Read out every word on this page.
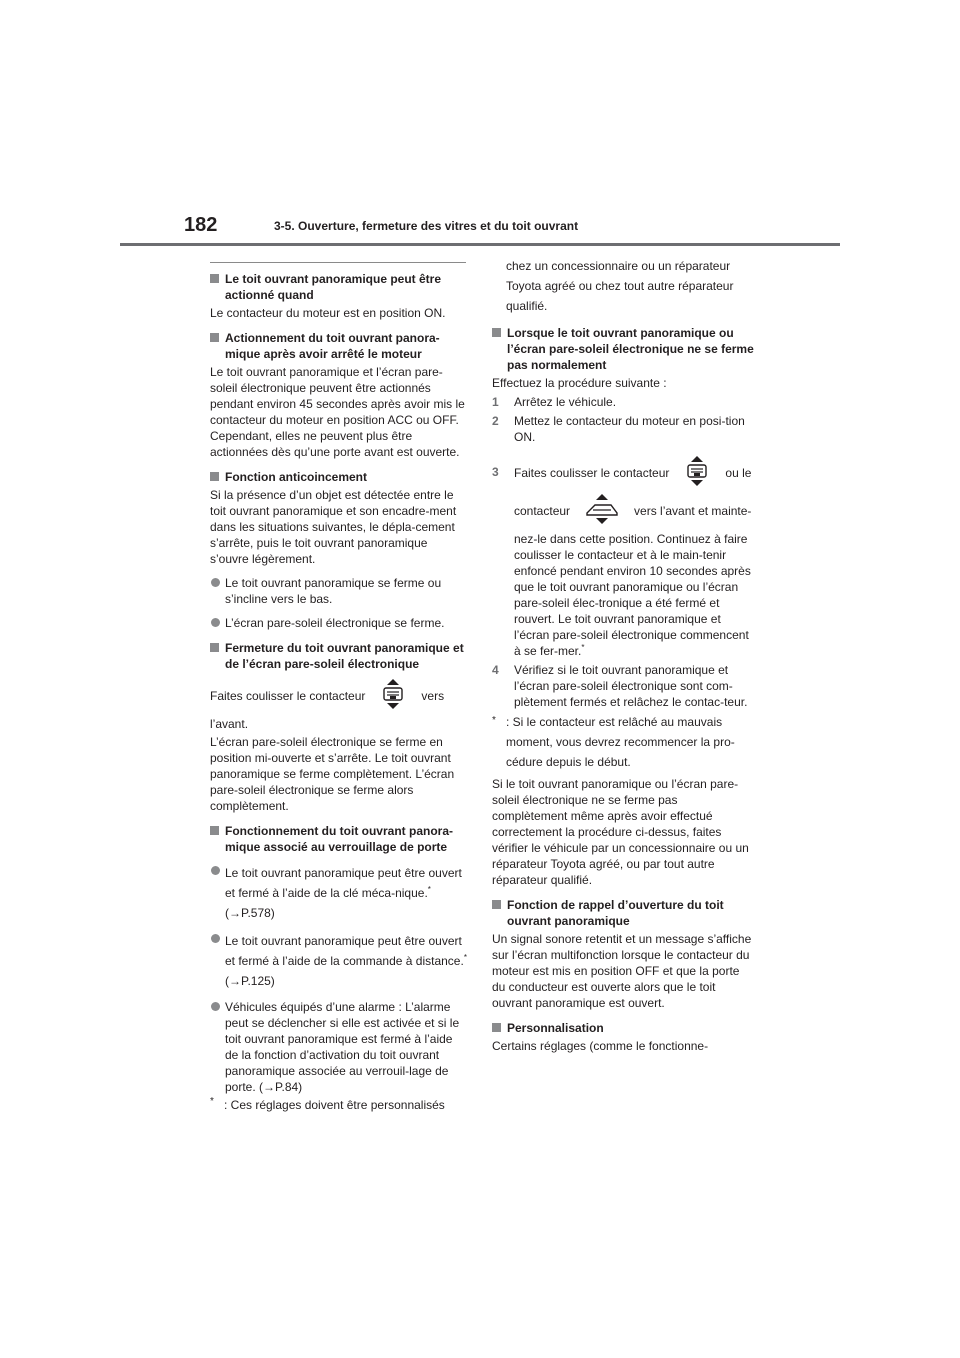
182	3-5. Ouverture, fermeture des vitres et du toit ouvrant
Le toit ouvrant panoramique peut être actionné quand
Le contacteur du moteur est en position ON.
Actionnement du toit ouvrant panora-mique après avoir arrêté le moteur
Le toit ouvrant panoramique et l’écran pare-soleil électronique peuvent être actionnés pendant environ 45 secondes après avoir mis le contacteur du moteur en position ACC ou OFF. Cependant, elles ne peuvent plus être actionnées dès qu’une porte avant est ouverte.
Fonction anticoincement
Si la présence d’un objet est détectée entre le toit ouvrant panoramique et son encadre-ment dans les situations suivantes, le dépla-cement s’arrête, puis le toit ouvrant panoramique s’ouvre légèrement.
Le toit ouvrant panoramique se ferme ou s’incline vers le bas.
L’écran pare-soleil électronique se ferme.
Fermeture du toit ouvrant panoramique et de l’écran pare-soleil électronique
Faites coulisser le contacteur	vers
l’avant.
L’écran pare-soleil électronique se ferme en position mi-ouverte et s’arrête. Le toit ouvrant panoramique se ferme complètement. L’écran pare-soleil électronique se ferme alors complètement.
Fonctionnement du toit ouvrant panora-mique associé au verrouillage de porte
Le toit ouvrant panoramique peut être ouvert et fermé à l’aide de la clé méca-nique.* (→P.578)
Le toit ouvrant panoramique peut être ouvert et fermé à l’aide de la commande à distance.* (→P.125)
Véhicules équipés d’une alarme : L’alarme peut se déclencher si elle est activée et si le toit ouvrant panoramique est fermé à l’aide de la fonction d’activation du toit ouvrant panoramique associée au verrouil-lage de porte. (→P.84)
* : Ces réglages doivent être personnalisés
chez un concessionnaire ou un réparateur Toyota agréé ou chez tout autre réparateur qualifié.
Lorsque le toit ouvrant panoramique ou l’écran pare-soleil électronique ne se ferme pas normalement
Effectuez la procédure suivante :
1 Arrêtez le véhicule.
2 Mettez le contacteur du moteur en posi-tion ON.
3 Faites coulisser le contacteur	ou le
contacteur	vers l’avant et mainte-
nez-le dans cette position. Continuez à faire coulisser le contacteur et à le main-tenir enfoncé pendant environ 10 secondes après que le toit ouvrant panoramique ou l’écran pare-soleil élec-tronique a été fermé et rouvert. Le toit ouvrant panoramique et l’écran pare-soleil électronique commencent à se fer-mer.*
4 Vérifiez si le toit ouvrant panoramique et l’écran pare-soleil électronique sont com-plètement fermés et relâchez le contac-teur.
* : Si le contacteur est relâché au mauvais moment, vous devrez recommencer la pro-cédure depuis le début.
Si le toit ouvrant panoramique ou l’écran pare-soleil électronique ne se ferme pas complètement même après avoir effectué correctement la procédure ci-dessus, faites vérifier le véhicule par un concessionnaire ou un réparateur Toyota agréé, ou par tout autre réparateur qualifié.
Fonction de rappel d’ouverture du toit ouvrant panoramique
Un signal sonore retentit et un message s’affiche sur l’écran multifonction lorsque le contacteur du moteur est mis en position OFF et que la porte du conducteur est ouverte alors que le toit ouvrant panoramique est ouvert.
Personnalisation
Certains réglages (comme le fonctionne-
